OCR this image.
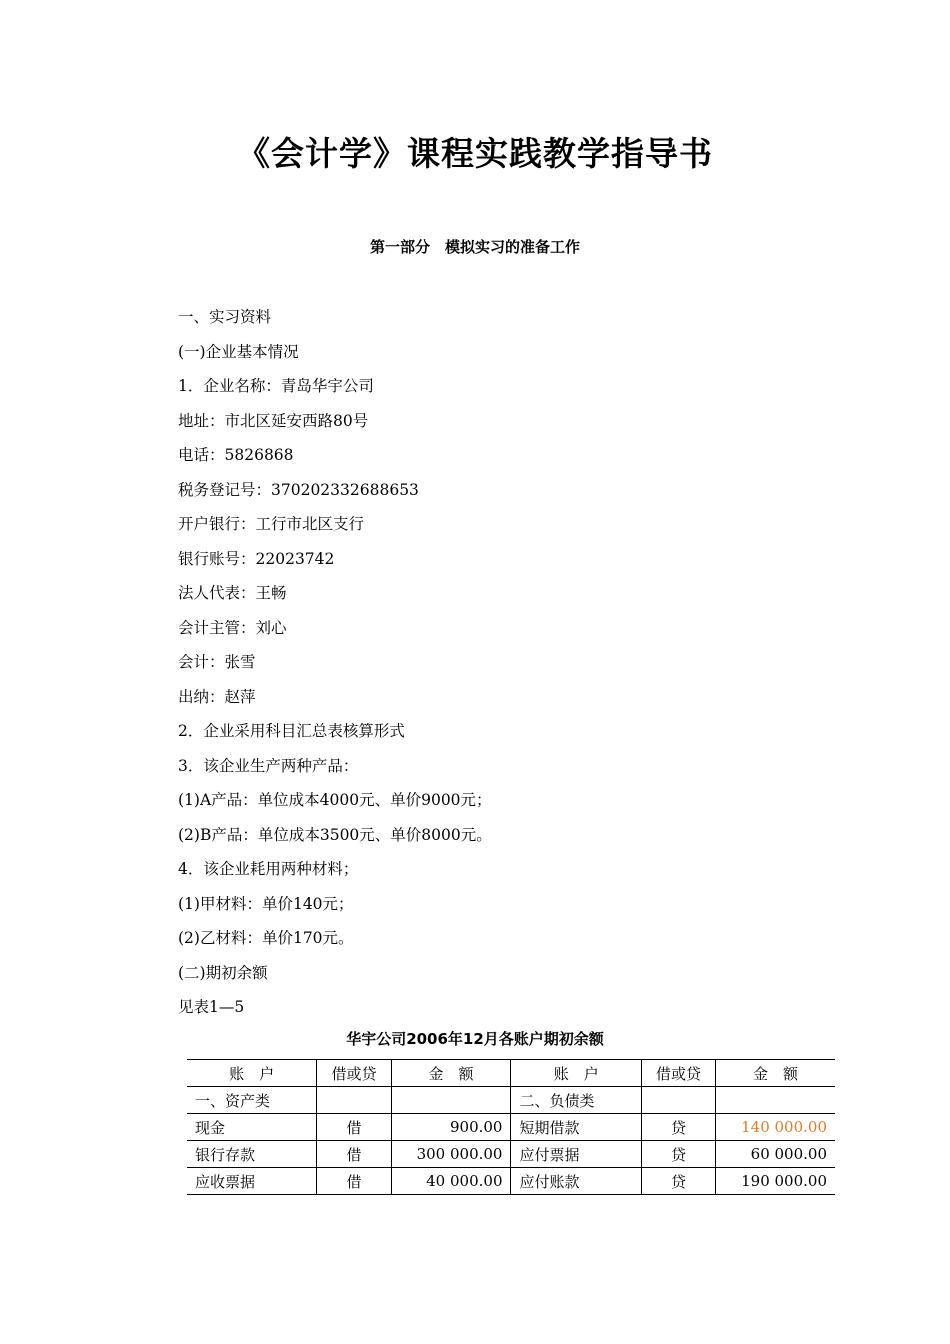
《会计学》课程实践教学指导书
第一部分　模拟实习的准备工作
一、实习资料
(一)企业基本情况
1．企业名称：青岛华宇公司
地址：市北区延安西路80号
电话：5826868
税务登记号：370202332688653
开户银行：工行市北区支行
银行账号：22023742
法人代表：王畅
会计主管：刘心
会计：张雪
出纳：赵萍
2．企业采用科目汇总表核算形式
3．该企业生产两种产品：
(1)A产品：单位成本4000元、单价9000元；
(2)B产品：单位成本3500元、单价8000元。
4．该企业耗用两种材料；
(1)甲材料：单价140元；
(2)乙材料：单价170元。
(二)期初余额
见表1—5
华宇公司2006年12月各账户期初余额
账　户	借或贷	金　额	账　户	借或贷	金　额
一、资产类			二、负债类		
现金	借	900.00	短期借款	贷	140 000.00
银行存款	借	300 000.00	应付票据	贷	60 000.00
应收票据	借	40 000.00	应付账款	贷	190 000.00
